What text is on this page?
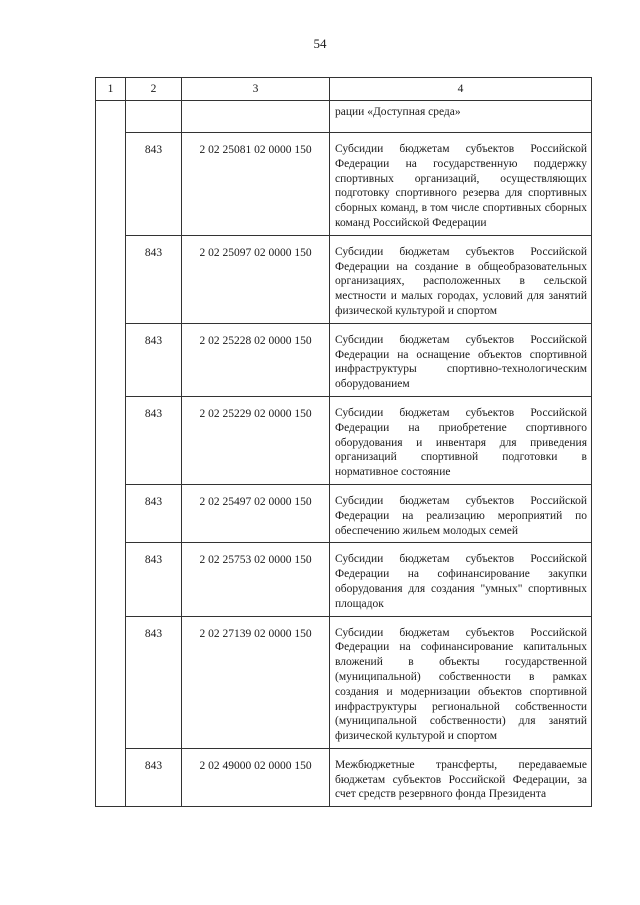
54
1	2	3	4
			рации «Доступная среда»
	843	2 02 25081 02 0000 150	Субсидии бюджетам субъектов Российской Федерации на государственную поддержку спортивных организаций, осуществляющих подготовку спортивного резерва для спортивных сборных команд, в том числе спортивных сборных команд Российской Федерации
	843	2 02 25097 02 0000 150	Субсидии бюджетам субъектов Российской Федерации на создание в общеобразовательных организациях, расположенных в сельской местности и малых городах, условий для занятий физической культурой и спортом
	843	2 02 25228 02 0000 150	Субсидии бюджетам субъектов Российской Федерации на оснащение объектов спортивной инфраструктуры спортивно-технологическим оборудованием
	843	2 02 25229 02 0000 150	Субсидии бюджетам субъектов Российской Федерации на приобретение спортивного оборудования и инвентаря для приведения организаций спортивной подготовки в нормативное состояние
	843	2 02 25497 02 0000 150	Субсидии бюджетам субъектов Российской Федерации на реализацию мероприятий по обеспечению жильем молодых семей
	843	2 02 25753 02 0000 150	Субсидии бюджетам субъектов Российской Федерации на софинансирование закупки оборудования для создания "умных" спортивных площадок
	843	2 02 27139 02 0000 150	Субсидии бюджетам субъектов Российской Федерации на софинансирование капитальных вложений в объекты государственной (муниципальной) собственности в рамках создания и модернизации объектов спортивной инфраструктуры региональной собственности (муниципальной собственности) для занятий физической культурой и спортом
	843	2 02 49000 02 0000 150	Межбюджетные трансферты, передаваемые бюджетам субъектов Российской Федерации, за счет средств резервного фонда Президента
